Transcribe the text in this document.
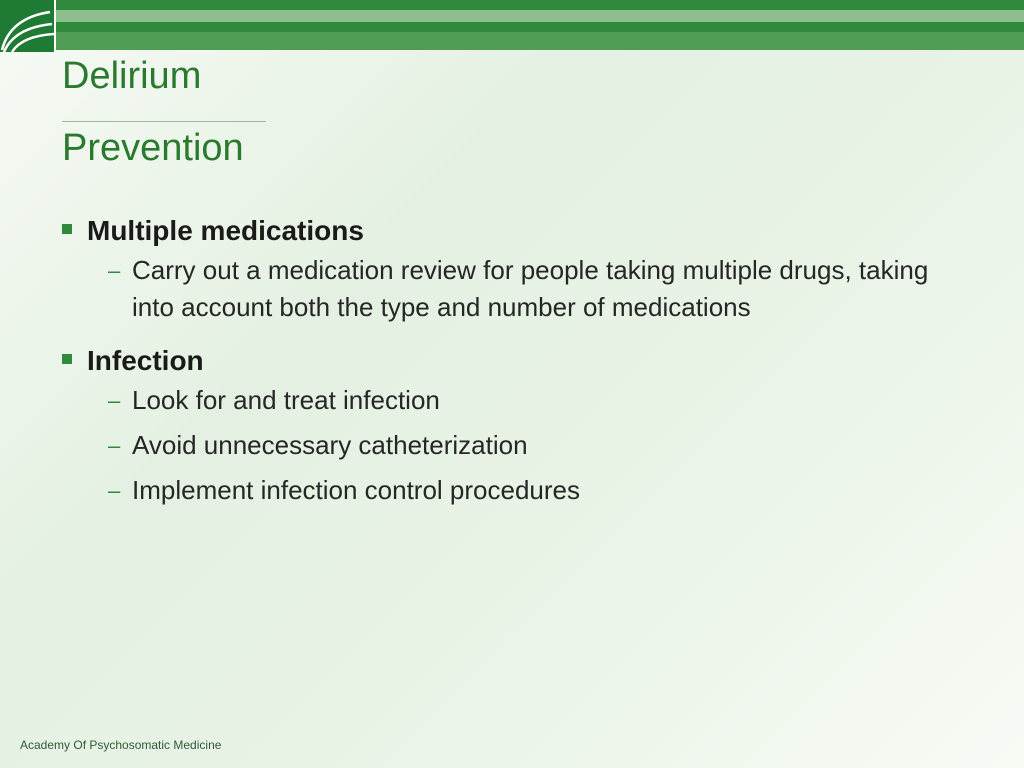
Delirium
Prevention
Multiple medications
– Carry out a medication review for people taking multiple drugs, taking into account both the type and number of medications
Infection
– Look for and treat infection
– Avoid unnecessary catheterization
– Implement infection control procedures
Academy Of Psychosomatic Medicine
